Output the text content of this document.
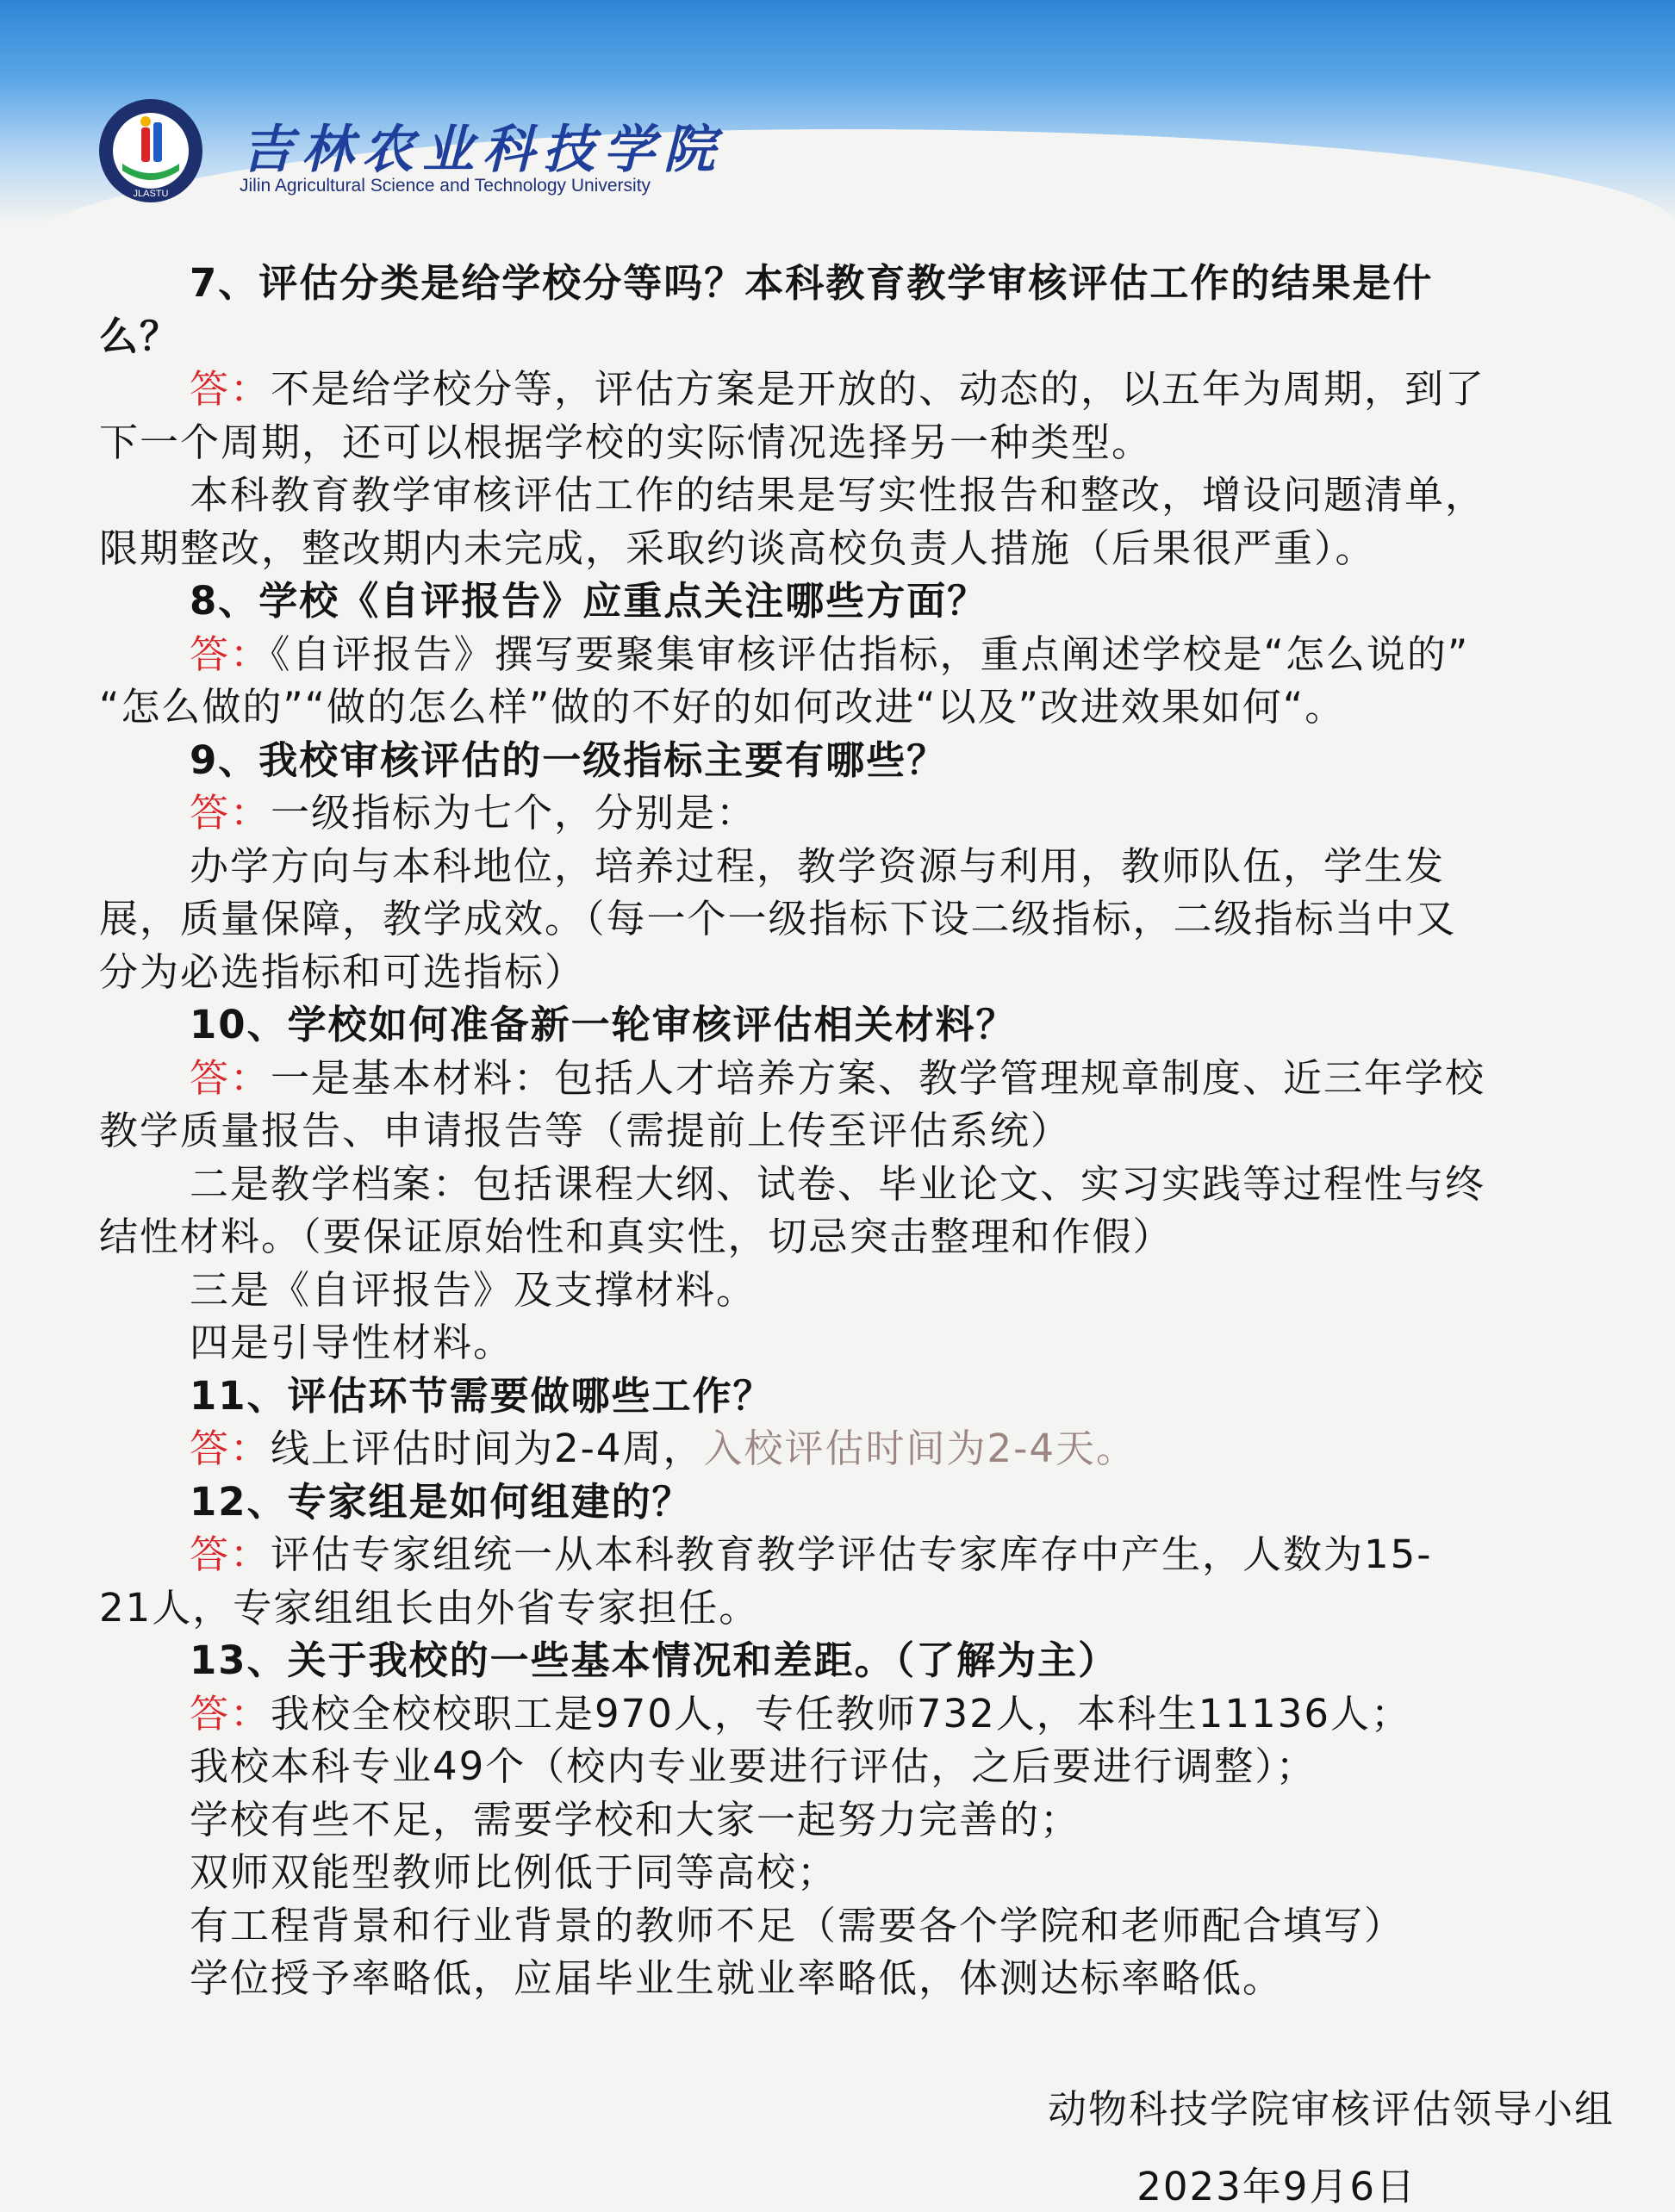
JLASTU
吉林农业科技学院
Jilin Agricultural Science and Technology University
7、评估分类是给学校分等吗？本科教育教学审核评估工作的结果是什
么？
答：不是给学校分等，评估方案是开放的、动态的，以五年为周期，到了
下一个周期，还可以根据学校的实际情况选择另一种类型。
本科教育教学审核评估工作的结果是写实性报告和整改，增设问题清单，
限期整改，整改期内未完成，采取约谈高校负责人措施（后果很严重）。
8、学校《自评报告》应重点关注哪些方面？
答：《自评报告》撰写要聚集审核评估指标，重点阐述学校是“怎么说的”
“怎么做的”“做的怎么样”做的不好的如何改进“以及”改进效果如何“。
9、我校审核评估的一级指标主要有哪些？
答：一级指标为七个，分别是：
办学方向与本科地位，培养过程，教学资源与利用，教师队伍，学生发
展，质量保障，教学成效。（每一个一级指标下设二级指标，二级指标当中又
分为必选指标和可选指标）
10、学校如何准备新一轮审核评估相关材料？
答：一是基本材料：包括人才培养方案、教学管理规章制度、近三年学校
教学质量报告、申请报告等（需提前上传至评估系统）
二是教学档案：包括课程大纲、试卷、毕业论文、实习实践等过程性与终
结性材料。（要保证原始性和真实性，切忌突击整理和作假）
三是《自评报告》及支撑材料。
四是引导性材料。
11、评估环节需要做哪些工作？
答：线上评估时间为2-4周，入校评估时间为2-4天。
12、专家组是如何组建的？
答：评估专家组统一从本科教育教学评估专家库存中产生，人数为15-
21人，专家组组长由外省专家担任。
13、关于我校的一些基本情况和差距。（了解为主）
答：我校全校校职工是970人，专任教师732人，本科生11136人；
我校本科专业49个（校内专业要进行评估，之后要进行调整）；
学校有些不足，需要学校和大家一起努力完善的；
双师双能型教师比例低于同等高校；
有工程背景和行业背景的教师不足（需要各个学院和老师配合填写）
学位授予率略低，应届毕业生就业率略低，体测达标率略低。
动物科技学院审核评估领导小组
2023年9月6日
